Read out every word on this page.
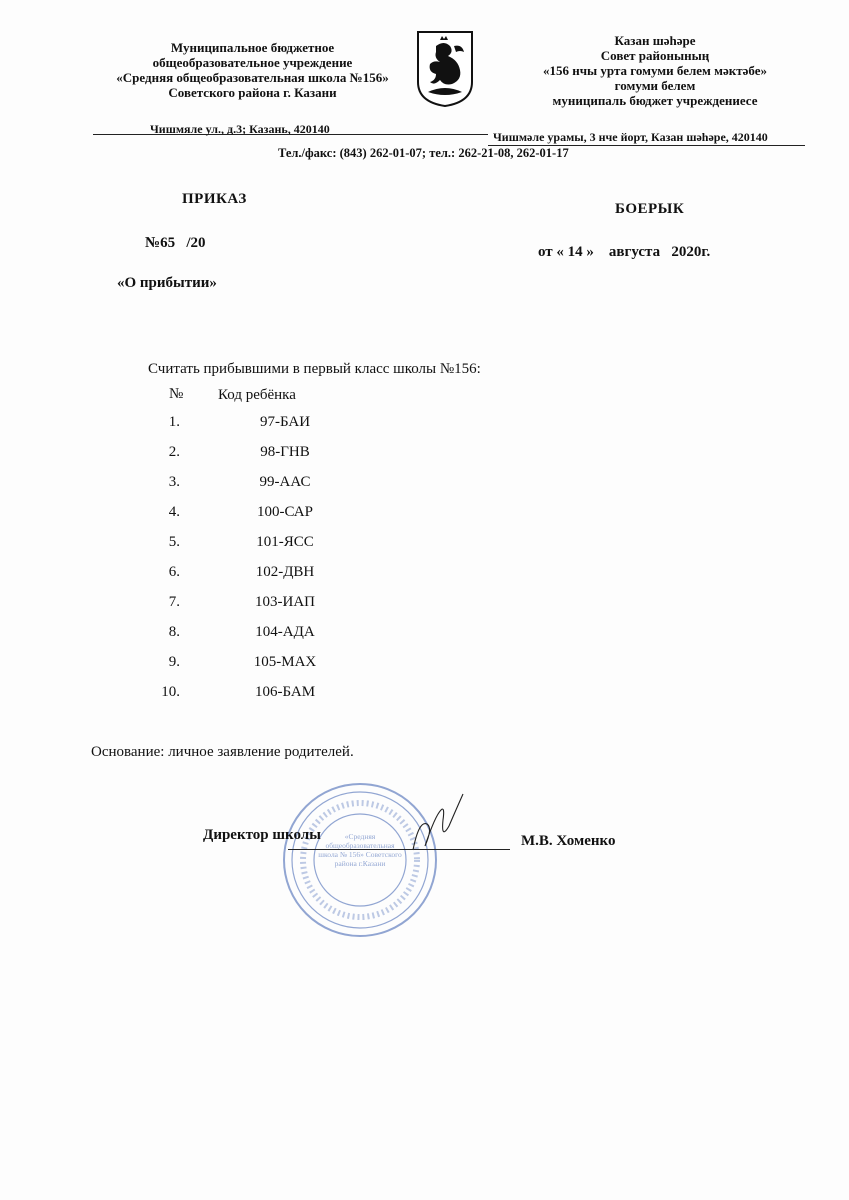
Муниципальное бюджетное
общеобразовательное учреждение
«Средняя общеобразовательная школа №156»
Советского района г. Казани
Казан шәһәре
Совет районының
«156 нчы урта гомуми белем мәктәбе»
гомуми белем
муниципаль бюджет учреждениесе
Чишмяле ул., д.3; Казань, 420140
Чишмәле урамы, 3 нче йорт, Казан шәһәре, 420140
Тел./факс: (843) 262-01-07; тел.: 262-21-08, 262-01-17
ПРИКАЗ
БОЕРЫК
№65   /20
от « 14 »    августа   2020г.
«О прибытии»
Считать прибывшими в первый класс школы №156:
№ Код ребёнка
1.	97-БАИ
2.	98-ГНВ
3.	99-ААС
4.	100-САР
5.	101-ЯСС
6.	102-ДВН
7.	103-ИАП
8.	104-АДА
9.	105-МАХ
10.	106-БАМ
Основание: личное заявление родителей.
«Средняя общеобразовательная школа № 156» Советского района г.Казани
Директор школы	М.В. Хоменко
